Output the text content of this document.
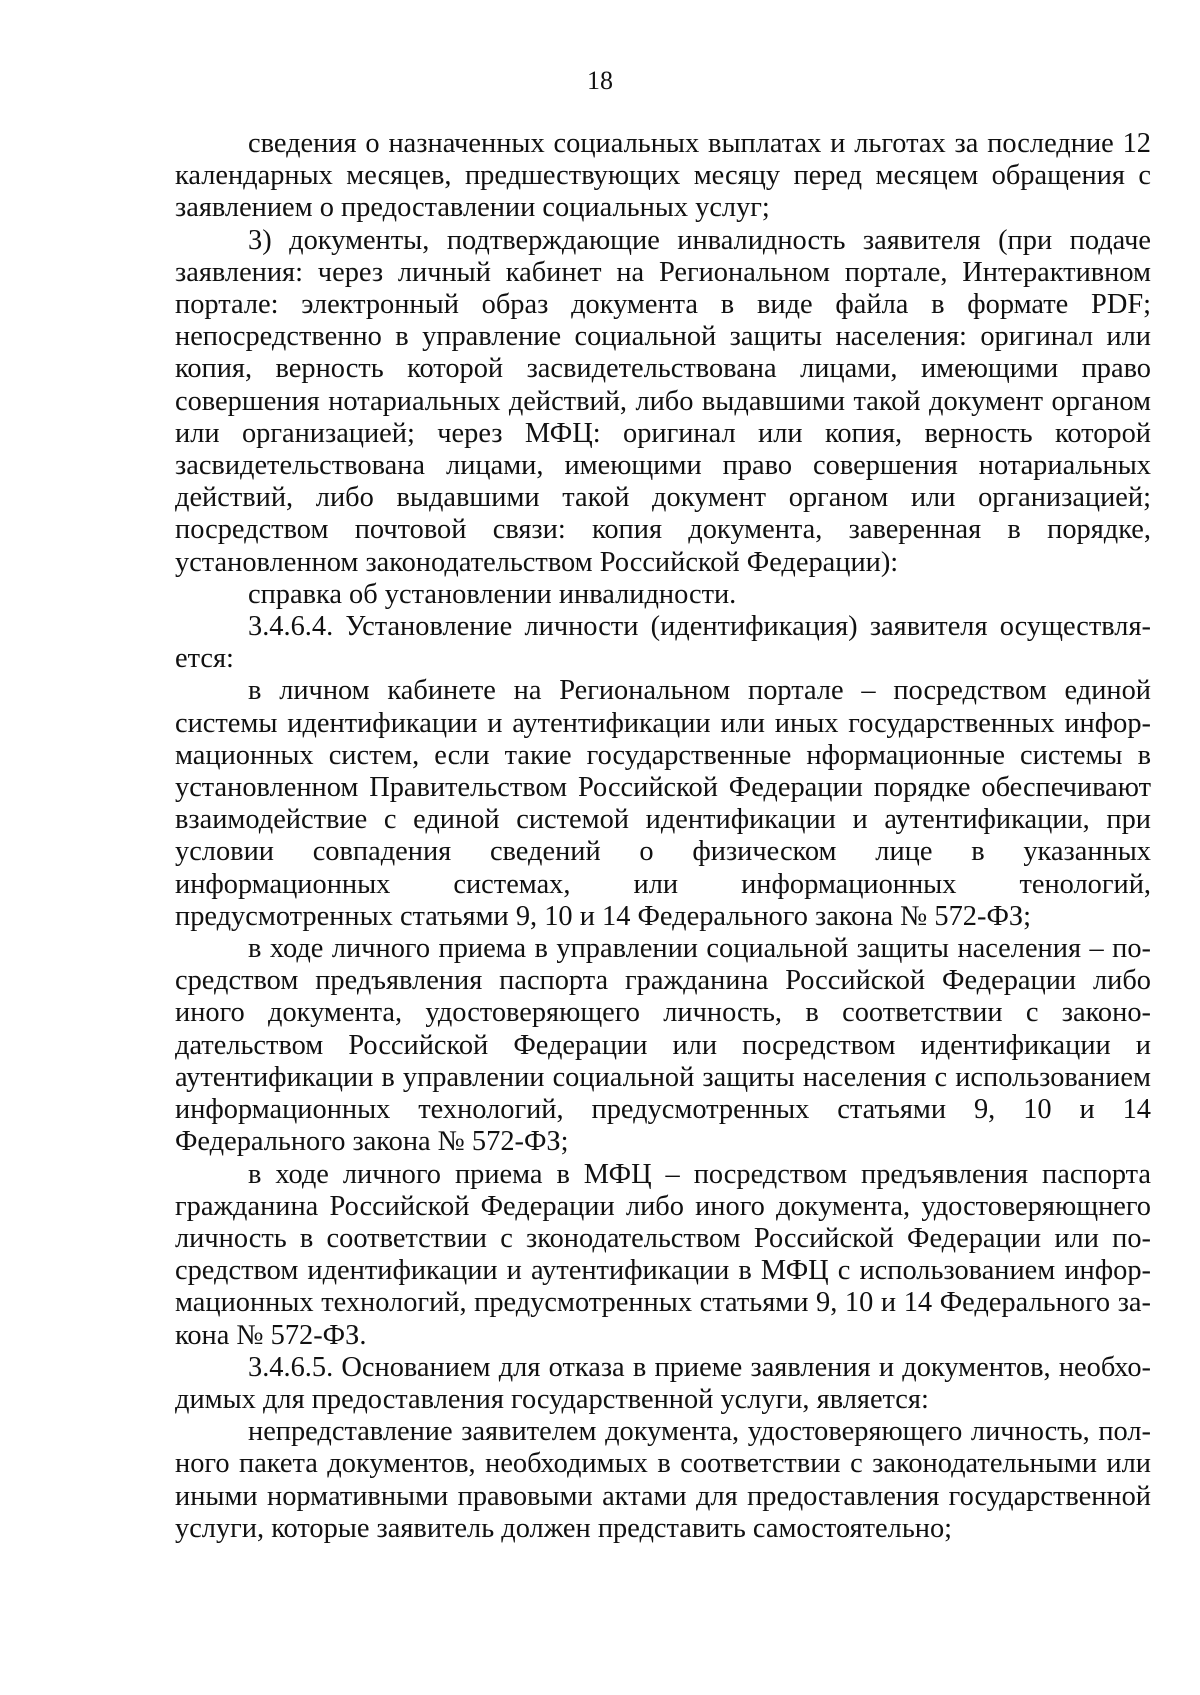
18

сведения о назначенных социальных выплатах и льготах за последние 12 календарных месяцев, предшествующих месяцу перед месяцем обращения с заявлением о предоставлении социальных услуг;

3) документы, подтверждающие инвалидность заявителя (при подаче заявления: через личный кабинет на Региональном портале, Интерактивном портале: электронный образ документа в виде файла в формате PDF; непосредственно в управление социальной защиты населения: оригинал или копия, верность которой засвидетельствована лицами, имеющими право совершения нотариальных действий, либо выдавшими такой документ органом или организацией; через МФЦ: оригинал или копия, верность которой засвидетельствована лицами, имеющими право совершения нотариальных действий, либо выдавшими такой документ органом или организацией; посредством почтовой связи: копия документа, заверенная в порядке, установленном законодательством Российской Федерации):

справка об установлении инвалидности.

3.4.6.4. Установление личности (идентификация) заявителя осуществляется:

в личном кабинете на Региональном портале – посредством единой системы идентификации и аутентификации или иных государственных информационных систем, если такие государственные нформационные системы в установленном Правительством Российской Федерации порядке обеспечивают взаимодействие с единой системой идентификации и аутентификации, при условии совпадения сведений о физическом лице в указанных информационных системах, или информационных тенологий, предусмотренных статьями 9, 10 и 14 Федерального закона № 572-ФЗ;

в ходе личного приема в управлении социальной защиты населения – посредством предъявления паспорта гражданина Российской Федерации либо иного документа, удостоверяющего личность, в соответствии с законодательством Российской Федерации или посредством идентификации и аутентификации в управлении социальной защиты населения с использованием информационных технологий, предусмотренных статьями 9, 10 и 14 Федерального закона № 572-ФЗ;

в ходе личного приема в МФЦ – посредством предъявления паспорта гражданина Российской Федерации либо иного документа, удостоверяющнего личность в соответствии с зконодательством Российской Федерации или посредством идентификации и аутентификации в МФЦ с использованием информационных технологий, предусмотренных статьями 9, 10 и 14 Федерального закона № 572-ФЗ.

3.4.6.5. Основанием для отказа в приеме заявления и документов, необходимых для предоставления государственной услуги, является:

непредставление заявителем документа, удостоверяющего личность, полного пакета документов, необходимых в соответствии с законодательными или иными нормативными правовыми актами для предоставления государственной услуги, которые заявитель должен представить самостоятельно;
